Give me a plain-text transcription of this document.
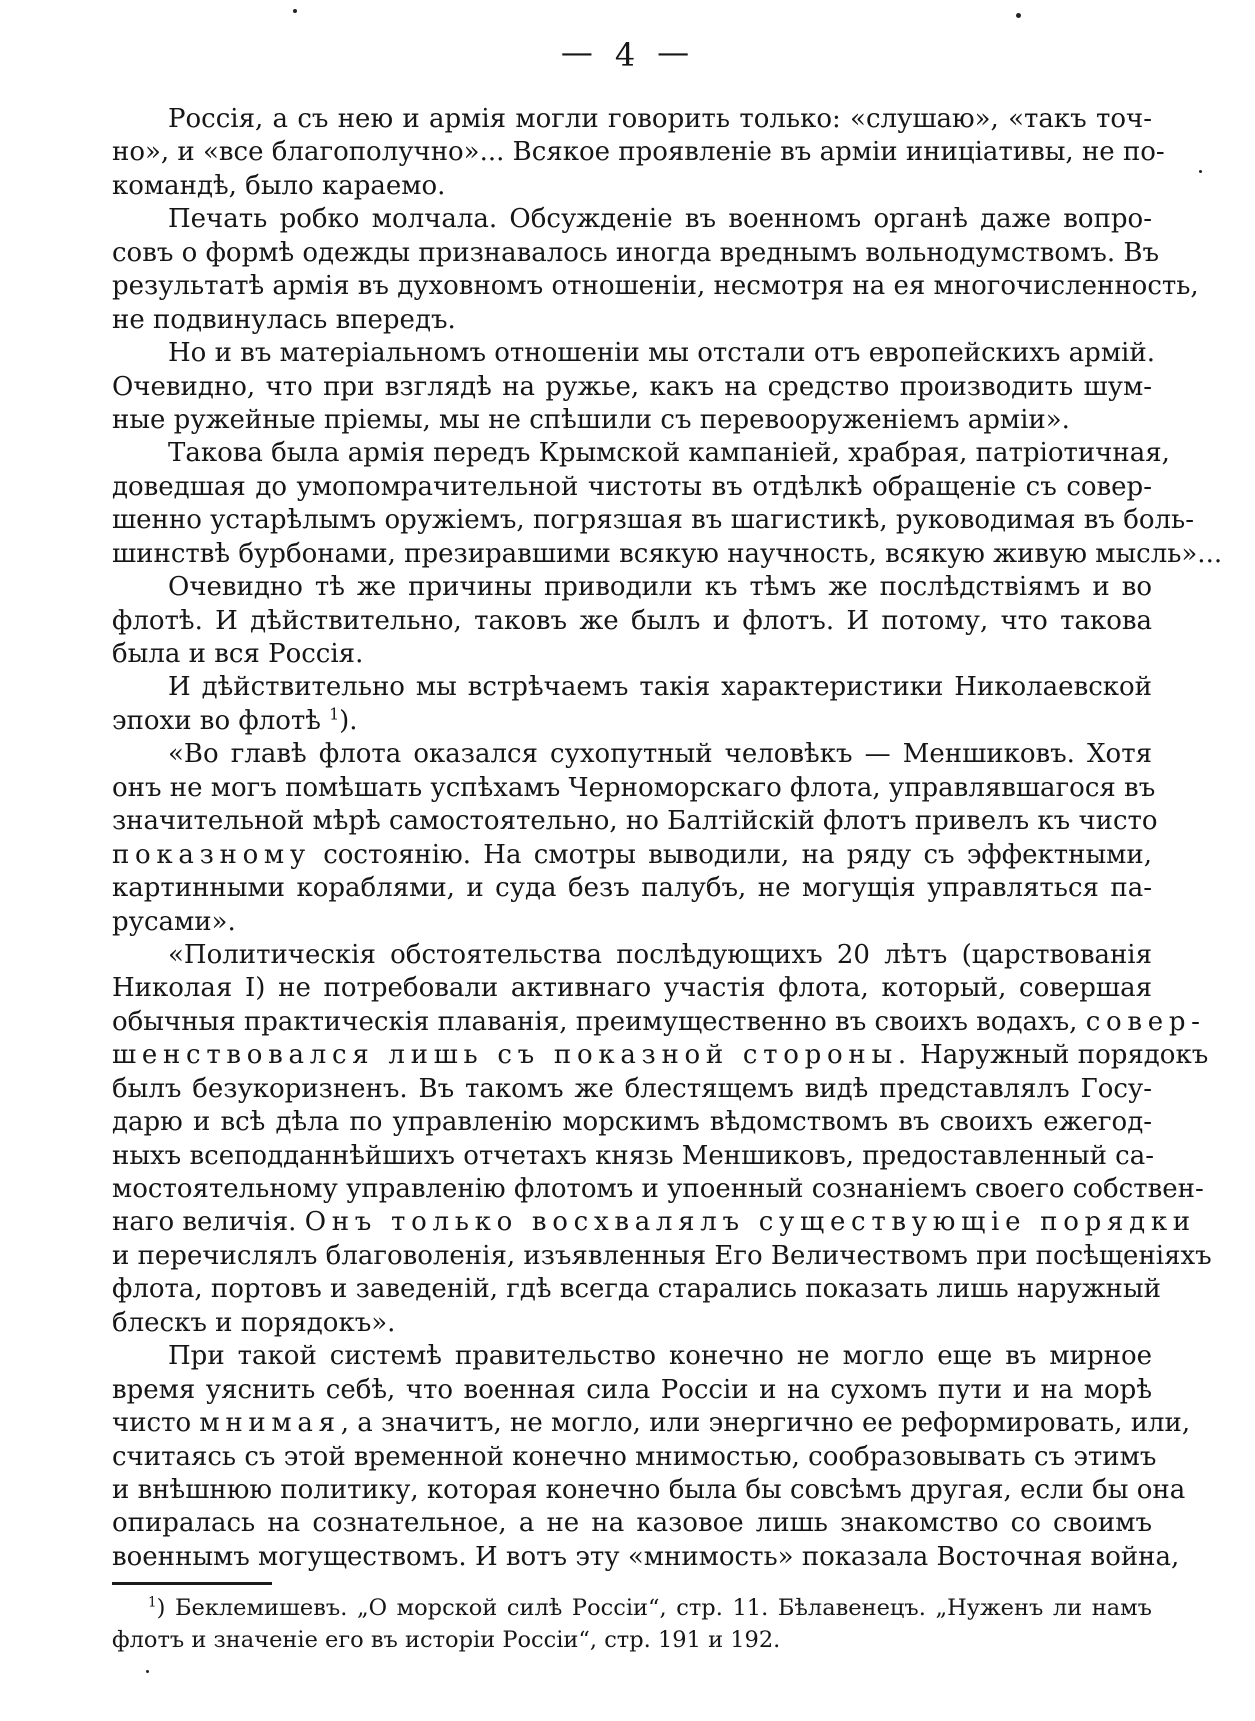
— 4 —
Россія, а съ нею и армія могли говорить только: «слушаю», «такъ точ-
но», и «все благополучно»... Всякое проявленіе въ арміи иниціативы, не по-
командѣ, было караемо.
Печать робко молчала. Обсужденіе въ военномъ органѣ даже вопро-
совъ о формѣ одежды признавалось иногда вреднымъ вольнодумствомъ. Въ
результатѣ армія въ духовномъ отношеніи, несмотря на ея многочисленность,
не подвинулась впередъ.
Но и въ матеріальномъ отношеніи мы отстали отъ европейскихъ армій.
Очевидно, что при взглядѣ на ружье, какъ на средство производить шум-
ные ружейные пріемы, мы не спѣшили съ перевооруженіемъ арміи».
Такова была армія передъ Крымской кампаніей, храбрая, патріотичная,
доведшая до умопомрачительной чистоты въ отдѣлкѣ обращеніе съ совер-
шенно устарѣлымъ оружіемъ, погрязшая въ шагистикѣ, руководимая въ боль-
шинствѣ бурбонами, презиравшими всякую научность, всякую живую мысль»...
Очевидно тѣ же причины приводили къ тѣмъ же послѣдствіямъ и во
флотѣ. И дѣйствительно, таковъ же былъ и флотъ. И потому, что такова
была и вся Россія.
И дѣйствительно мы встрѣчаемъ такія характеристики Николаевской
эпохи во флотѣ $^1$).
«Во главѣ флота оказался сухопутный человѣкъ — Меншиковъ. Хотя
онъ не могъ помѣшать успѣхамъ Черноморскаго флота, управлявшагося въ
значительной мѣрѣ самостоятельно, но Балтійскій флотъ привелъ къ чисто
показному состоянію. На смотры выводили, на ряду съ эффектными,
картинными кораблями, и суда безъ палубъ, не могущія управляться па-
русами».
«Политическія обстоятельства послѣдующихъ 20 лѣтъ (царствованія
Николая I) не потребовали активнаго участія флота, который, совершая
обычныя практическія плаванія, преимущественно въ своихъ водахъ, совер-
шенствовался лишь съ показной стороны. Наружный порядокъ
былъ безукоризненъ. Въ такомъ же блестящемъ видѣ представлялъ Госу-
дарю и всѣ дѣла по управленію морскимъ вѣдомствомъ въ своихъ ежегод-
ныхъ всеподданнѣйшихъ отчетахъ князь Меншиковъ, предоставленный са-
мостоятельному управленію флотомъ и упоенный сознаніемъ своего собствен-
наго величія. Онъ только восхвалялъ существующіе порядки
и перечислялъ благоволенія, изъявленныя Его Величествомъ при посѣщеніяхъ
флота, портовъ и заведеній, гдѣ всегда старались показать лишь наружный
блескъ и порядокъ».
При такой системѣ правительство конечно не могло еще въ мирное
время уяснить себѣ, что военная сила Россіи и на сухомъ пути и на морѣ
чисто мнимая, а значитъ, не могло, или энергично ее реформировать, или,
считаясь съ этой временной конечно мнимостью, сообразовывать съ этимъ
и внѣшнюю политику, которая конечно была бы совсѣмъ другая, если бы она
опиралась на сознательное, а не на казовое лишь знакомство со своимъ
военнымъ могуществомъ. И вотъ эту «мнимость» показала Восточная война,
$^1$) Беклемишевъ. „О морской силѣ Россіи“, стр. 11. Бѣлавенецъ. „Нуженъ ли намъ
флотъ и значеніе его въ исторіи Россіи“, стр. 191 и 192.
